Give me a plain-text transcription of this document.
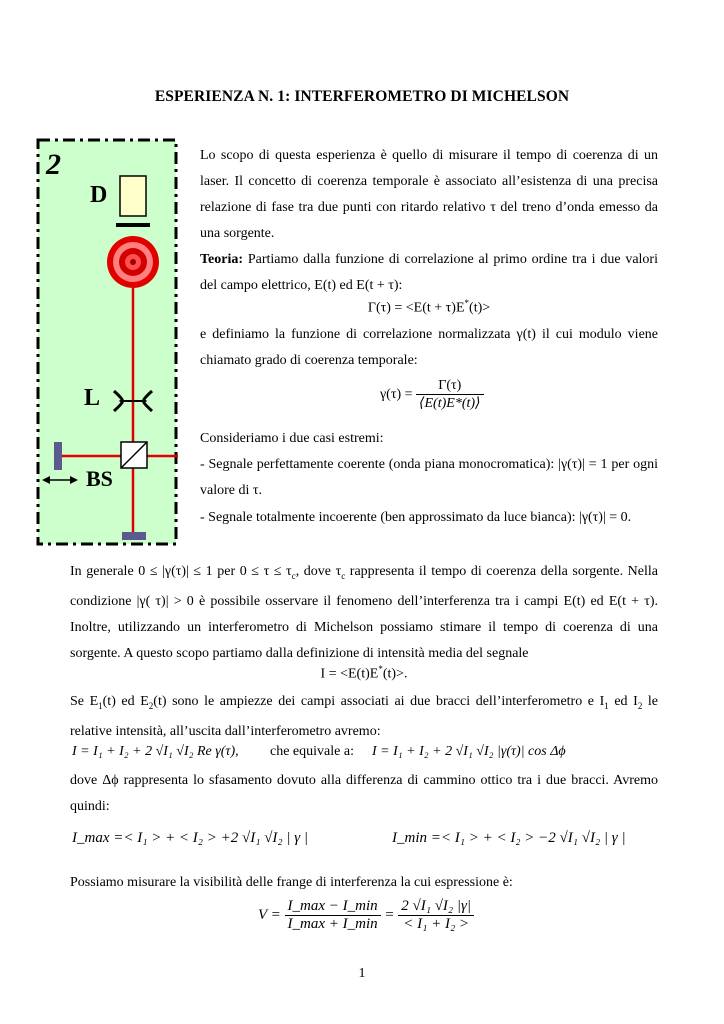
ESPERIENZA N. 1: INTERFEROMETRO DI MICHELSON
2
D
L
BS
Lo scopo di questa esperienza è quello di misurare il tempo di coerenza di un laser. Il concetto di coerenza temporale è associato all’esistenza di una precisa relazione di fase tra due punti con ritardo relativo τ del treno d’onda emesso da una sorgente.
Teoria: Partiamo dalla funzione di correlazione al primo ordine tra i due valori del campo elettrico, E(t) ed E(t + τ):
Γ(τ) = <E(t + τ)E*(t)>
e definiamo la funzione di correlazione normalizzata γ(t) il cui modulo viene chiamato grado di coerenza temporale:
$\gamma(\tau) = \frac{\Gamma(\tau)}{⟨E(t)E*(t)⟩}$
Consideriamo i due casi estremi:
- Segnale perfettamente coerente (onda piana monocromatica): |γ(τ)| = 1 per ogni valore di τ.
- Segnale totalmente incoerente (ben approssimato da luce bianca): |γ(τ)| = 0.
In generale 0 ≤ |γ(τ)| ≤ 1 per $0 \le \tau \le \tau_c$, dove $\tau_c$ rappresenta il tempo di coerenza della sorgente. Nella condizione |γ( τ)| > 0 è possibile osservare il fenomeno dell’interferenza tra i campi E(t) ed E(t + τ). Inoltre, utilizzando un interferometro di Michelson possiamo stimare il tempo di coerenza di una sorgente. A questo scopo partiamo dalla definizione di intensità media del segnale
I = <E(t)E*(t)>.
Se $E_1(t)$ ed $E_2(t)$ sono le ampiezze dei campi associati ai due bracci dell’interferometro e $I_1$ ed $I_2$ le relative intensità, all’uscita dall’interferometro avremo:
I = I₁ + I₂ + 2 √I₁ √I₂ Re γ(τ), che equivale a: I = I₁ + I₂ + 2 √I₁ √I₂ |γ(τ)| cos Δϕ
dove Δϕ rappresenta lo sfasamento dovuto alla differenza di cammino ottico tra i due bracci. Avremo quindi:
I_max =< I₁ > + < I₂ > +2 √I₁ √I₂ | γ |	I_min =< I₁ > + < I₂ > −2 √I₁ √I₂ | γ |
Possiamo misurare la visibilità delle frange di interferenza la cui espressione è:
$V = \frac{I\_\max - I\_\min}{I\_\max + I\_\min} = \frac{\text{2 √I₁ √I₂ |γ|}}{\text{< I₁ + I₂ >}}$
1
